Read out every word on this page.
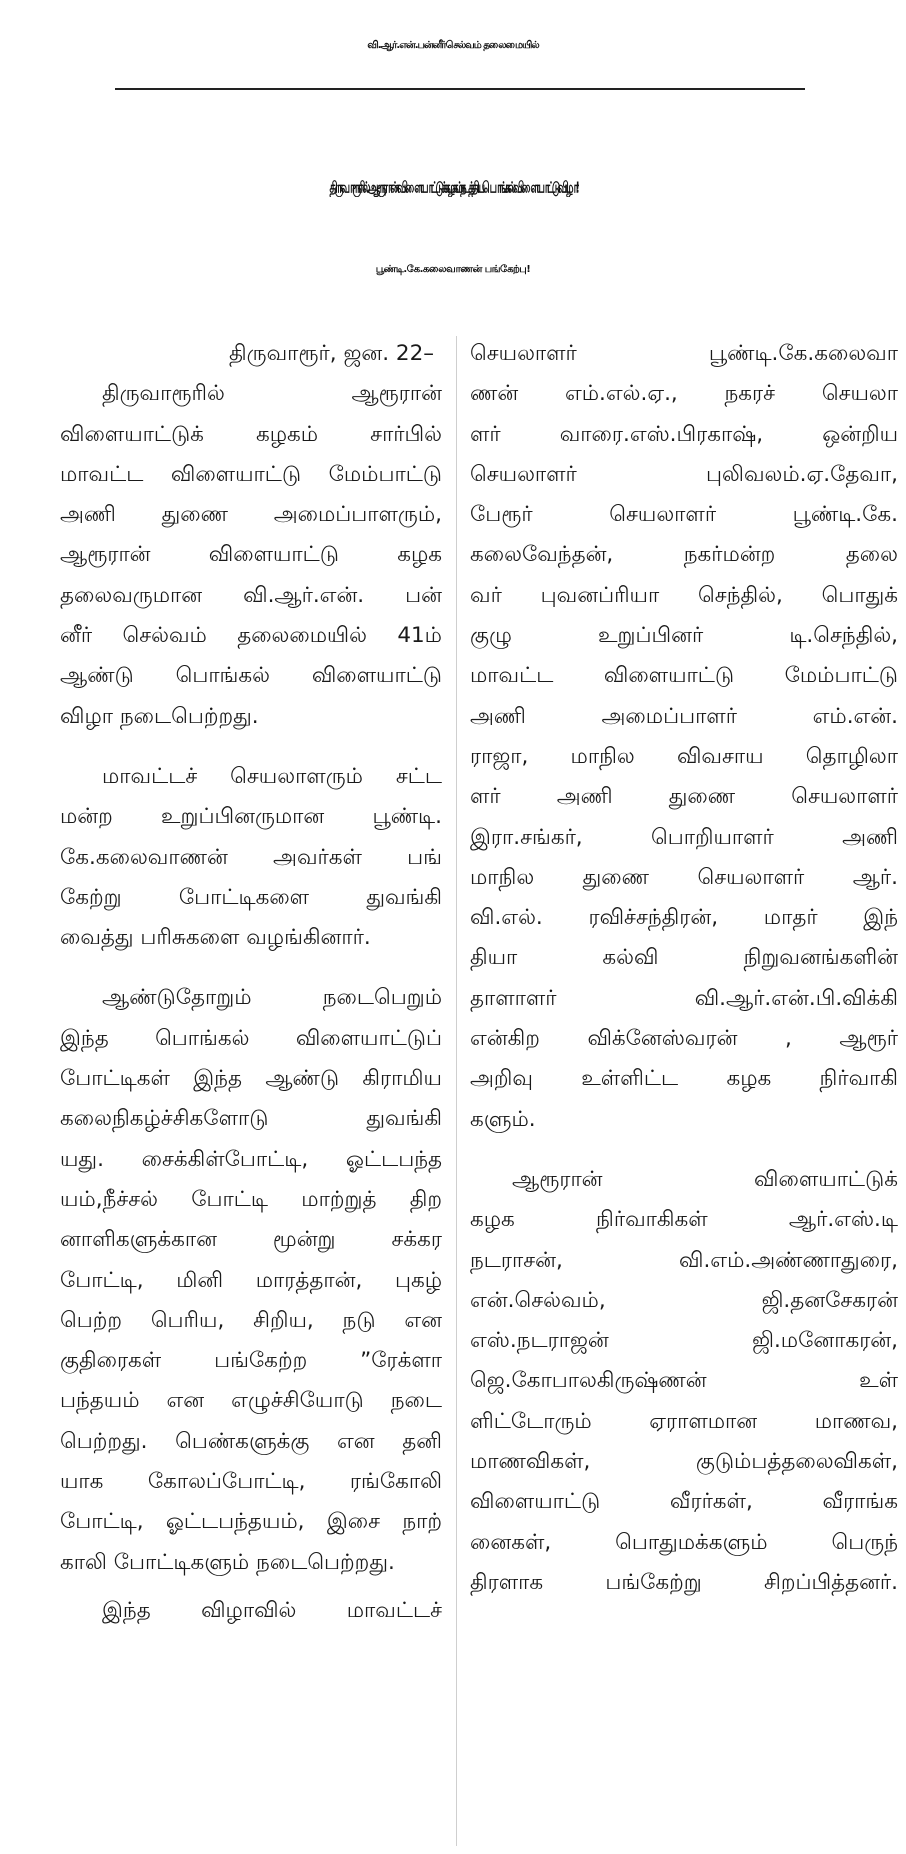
வி.ஆர்.என்.பன்னீர்செல்வம் தலைமையில்
திருவாரூரில் ஆரூரான் விளையாட்டுக் கழகம் நடத்திய பொங்கல் விளையாட்டு விழா!
பூண்டி.கே.கலைவாணன் பங்கேற்பு!
திருவாரூர், ஜன. 22–
திருவாரூரில் ஆரூரான்
விளையாட்டுக் கழகம் சார்பில்
மாவட்ட விளையாட்டு மேம்பாட்டு
அணி துணை அமைப்பாளரும்,
ஆரூரான் விளையாட்டு கழக
தலைவருமான வி.ஆர்.என். பன்
னீர் செல்வம் தலைமையில் 41ம்
ஆண்டு பொங்கல் விளையாட்டு
விழா நடைபெற்றது.
மாவட்டச் செயலாளரும் சட்ட
மன்ற உறுப்பினருமான பூண்டி.
கே.கலைவாணன் அவர்கள் பங்
கேற்று போட்டிகளை துவங்கி
வைத்து பரிசுகளை வழங்கினார்.
ஆண்டுதோறும் நடைபெறும்
இந்த பொங்கல் விளையாட்டுப்
போட்டிகள் இந்த ஆண்டு கிராமிய
கலைநிகழ்ச்சிகளோடு துவங்கி
யது. சைக்கிள்போட்டி, ஓட்டபந்த
யம்,நீச்சல் போட்டி மாற்றுத் திற
னாளிகளுக்கான மூன்று சக்கர
போட்டி, மினி மாரத்தான், புகழ்
பெற்ற பெரிய, சிறிய, நடு என
குதிரைகள் பங்கேற்ற ”ரேக்ளா
பந்தயம் என எழுச்சியோடு நடை
பெற்றது. பெண்களுக்கு என தனி
யாக கோலப்போட்டி, ரங்கோலி
போட்டி, ஓட்டபந்தயம், இசை நாற்
காலி போட்டிகளும் நடைபெற்றது.
இந்த விழாவில் மாவட்டச்
செயலாளர் பூண்டி.கே.கலைவா
ணன் எம்.எல்.ஏ., நகரச் செயலா
ளர் வாரை.எஸ்.பிரகாஷ், ஒன்றிய
செயலாளர் புலிவலம்.ஏ.தேவா,
பேரூர் செயலாளர் பூண்டி.கே.
கலைவேந்தன், நகர்மன்ற தலை
வர் புவனப்ரியா செந்தில், பொதுக்
குழு உறுப்பினர் டி.செந்தில்,
மாவட்ட விளையாட்டு மேம்பாட்டு
அணி அமைப்பாளர் எம்.என்.
ராஜா, மாநில விவசாய தொழிலா
ளர் அணி துணை செயலாளர்
இரா.சங்கர், பொறியாளர் அணி
மாநில துணை செயலாளர் ஆர்.
வி.எல். ரவிச்சந்திரன், மாதர் இந்
தியா கல்வி நிறுவனங்களின்
தாளாளர் வி.ஆர்.என்.பி.விக்கி
என்கிற விக்னேஸ்வரன் , ஆரூர்
அறிவு உள்ளிட்ட கழக நிர்வாகி
களும்.
ஆரூரான் விளையாட்டுக்
கழக நிர்வாகிகள் ஆர்.எஸ்.டி
நடராசன், வி.எம்.அண்ணாதுரை,
என்.செல்வம், ஜி.தனசேகரன்
எஸ்.நடராஜன் ஜி.மனோகரன்,
ஜெ.கோபாலகிருஷ்ணன் உள்
ளிட்டோரும் ஏராளமான மாணவ,
மாணவிகள், குடும்பத்தலைவிகள்,
விளையாட்டு வீரர்கள், வீராங்க
னைகள், பொதுமக்களும் பெருந்
திரளாக பங்கேற்று சிறப்பித்தனர்.
